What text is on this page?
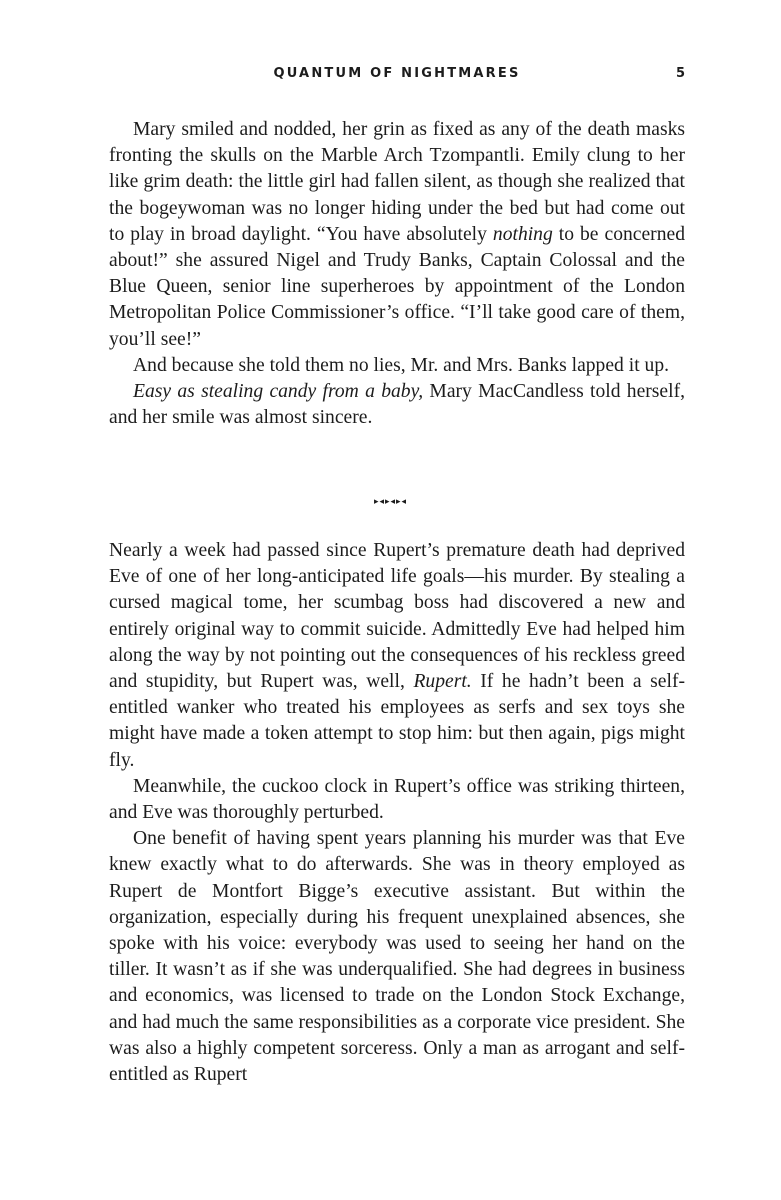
QUANTUM OF NIGHTMARES	5

Mary smiled and nodded, her grin as fixed as any of the death masks fronting the skulls on the Marble Arch Tzompantli. Emily clung to her like grim death: the little girl had fallen silent, as though she realized that the bogeywoman was no longer hiding under the bed but had come out to play in broad daylight. “You have absolutely nothing to be concerned about!” she assured Nigel and Trudy Banks, Captain Colossal and the Blue Queen, senior line superheroes by appointment of the London Metropolitan Police Commissioner’s office. “I’ll take good care of them, you’ll see!”

And because she told them no lies, Mr. and Mrs. Banks lapped it up.

Easy as stealing candy from a baby, Mary MacCandless told herself, and her smile was almost sincere.

▸◂▸◂▸◂

Nearly a week had passed since Rupert’s premature death had deprived Eve of one of her long-anticipated life goals—his murder. By stealing a cursed magical tome, her scumbag boss had discovered a new and entirely original way to commit suicide. Admittedly Eve had helped him along the way by not pointing out the consequences of his reckless greed and stupidity, but Rupert was, well, Rupert. If he hadn’t been a self-entitled wanker who treated his employees as serfs and sex toys she might have made a token attempt to stop him: but then again, pigs might fly.

Meanwhile, the cuckoo clock in Rupert’s office was striking thirteen, and Eve was thoroughly perturbed.

One benefit of having spent years planning his murder was that Eve knew exactly what to do afterwards. She was in theory employed as Rupert de Montfort Bigge’s executive assistant. But within the organization, especially during his frequent unexplained absences, she spoke with his voice: everybody was used to seeing her hand on the tiller. It wasn’t as if she was underqualified. She had degrees in business and economics, was licensed to trade on the London Stock Exchange, and had much the same responsibilities as a corporate vice president. She was also a highly competent sorceress. Only a man as arrogant and self-entitled as Rupert
